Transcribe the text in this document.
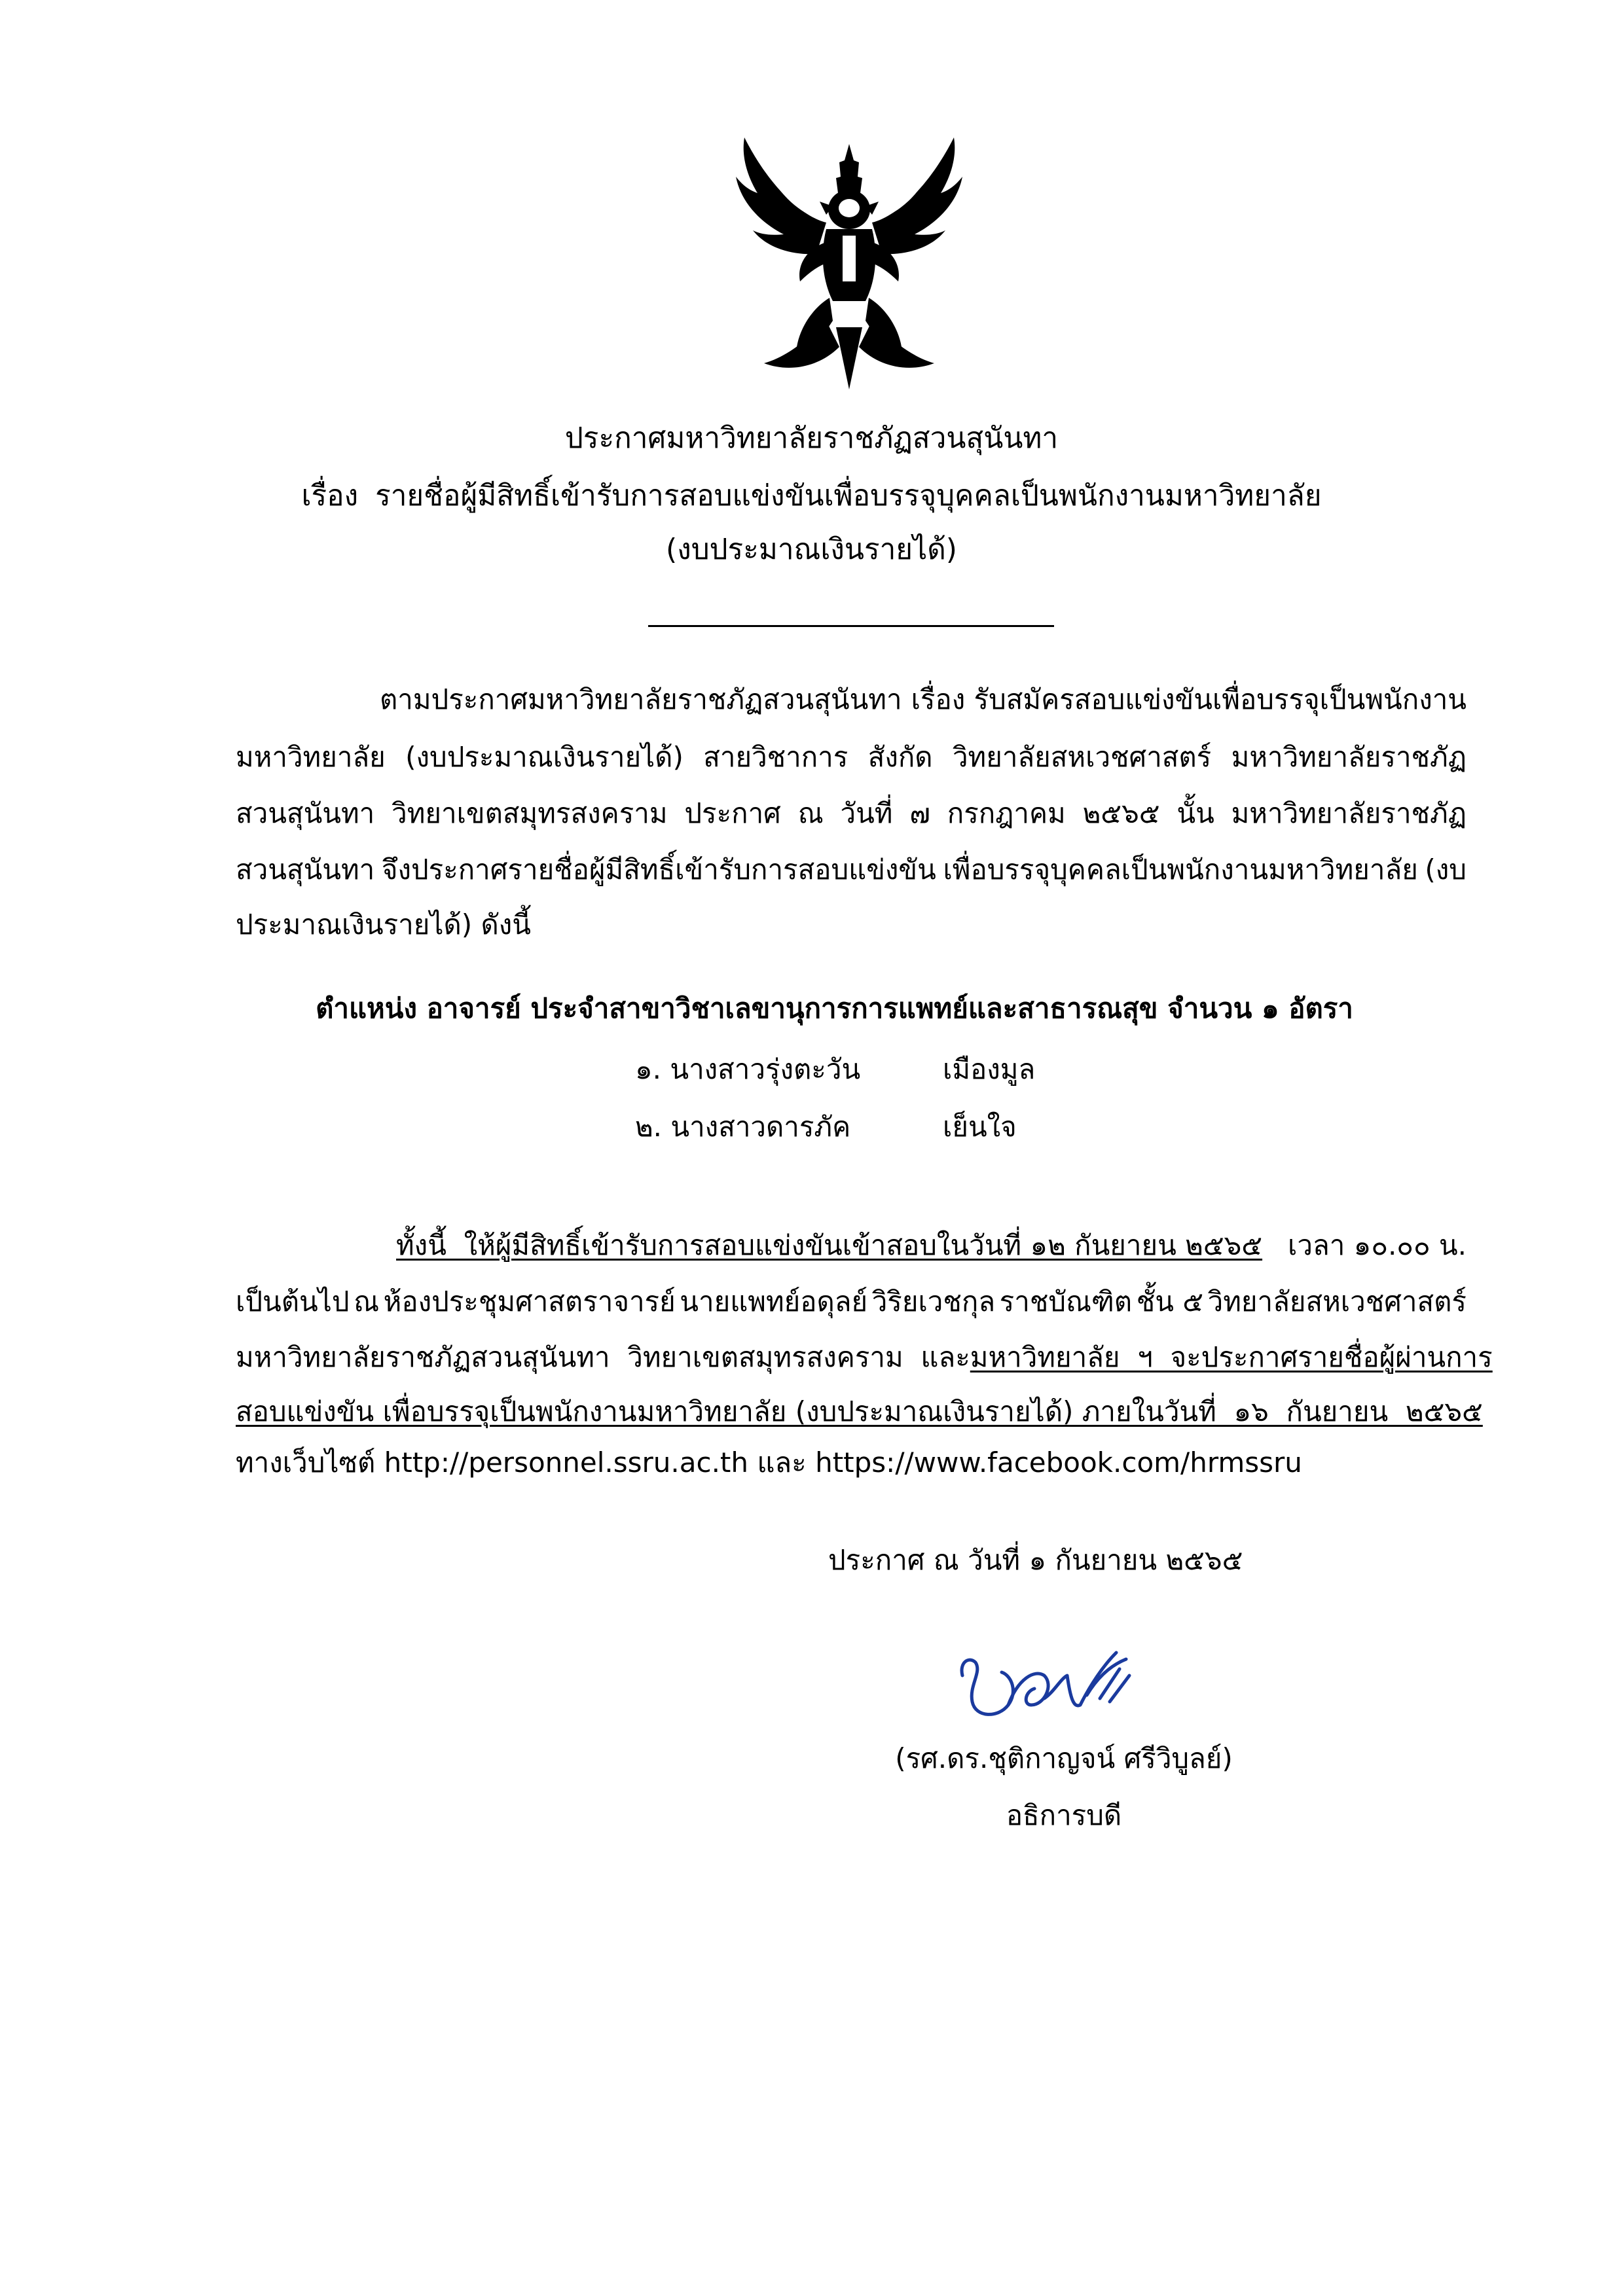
ประกาศมหาวิทยาลัยราชภัฏสวนสุนันทา
เรื่อง รายชื่อผู้มีสิทธิ์เข้ารับการสอบแข่งขันเพื่อบรรจุบุคคลเป็นพนักงานมหาวิทยาลัย
(งบประมาณเงินรายได้)
ตามประกาศมหาวิทยาลัยราชภัฏสวนสุนันทา เรื่อง รับสมัครสอบแข่งขันเพื่อบรรจุเป็นพนักงาน
มหาวิทยาลัย (งบประมาณเงินรายได้) สายวิชาการ สังกัด วิทยาลัยสหเวชศาสตร์ มหาวิทยาลัยราชภัฏ
สวนสุนันทา วิทยาเขตสมุทรสงคราม ประกาศ ณ วันที่ ๗ กรกฎาคม ๒๕๖๕ นั้น มหาวิทยาลัยราชภัฏ
สวนสุนันทา จึงประกาศรายชื่อผู้มีสิทธิ์เข้ารับการสอบแข่งขัน เพื่อบรรจุบุคคลเป็นพนักงานมหาวิทยาลัย (งบ
ประมาณเงินรายได้) ดังนี้
ตำแหน่ง อาจารย์ ประจำสาขาวิชาเลขานุการการแพทย์และสาธารณสุข จำนวน ๑ อัตรา
๑. นางสาวรุ่งตะวัน	เมืองมูล
๒. นางสาวดารภัค	เย็นใจ
ทั้งนี้  ให้ผู้มีสิทธิ์เข้ารับการสอบแข่งขันเข้าสอบในวันที่ ๑๒ กันยายน ๒๕๖๕ เวลา ๑๐.๐๐ น.
เป็นต้นไป ณ ห้องประชุมศาสตราจารย์ นายแพทย์อดุลย์ วิริยเวชกุล ราชบัณฑิต ชั้น ๕ วิทยาลัยสหเวชศาสตร์
มหาวิทยาลัยราชภัฏสวนสุนันทา  วิทยาเขตสมุทรสงคราม  และ มหาวิทยาลัย  ฯ  จะประกาศรายชื่อผู้ผ่านการ
สอบแข่งขัน เพื่อบรรจุเป็นพนักงานมหาวิทยาลัย (งบประมาณเงินรายได้) ภายในวันที่  ๑๖  กันยายน  ๒๕๖๕
ทางเว็บไซต์ http://personnel.ssru.ac.th และ https://www.facebook.com/hrmssru
ประกาศ ณ วันที่ ๑ กันยายน ๒๕๖๕
(รศ.ดร.ชุติกาญจน์ ศรีวิบูลย์)
อธิการบดี
